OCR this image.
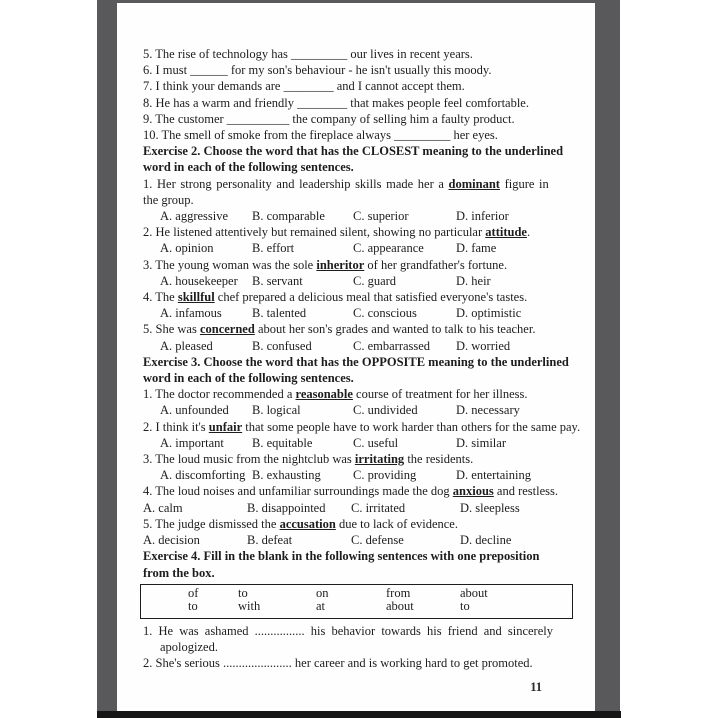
5. The rise of technology has _________ our lives in recent years.
6. I must ______ for my son's behaviour - he isn't usually this moody.
7. I think your demands are ________ and I cannot accept them.
8. He has a warm and friendly ________ that makes people feel comfortable.
9. The customer __________ the company of selling him a faulty product.
10. The smell of smoke from the fireplace always _________ her eyes.
Exercise 2. Choose the word that has the CLOSEST meaning to the underlined
word in each of the following sentences.
1. Her strong personality and leadership skills made her a dominant figure in
the group.
A. aggressive	B. comparable	C. superior	D. inferior
2. He listened attentively but remained silent, showing no particular attitude.
A. opinion	B. effort	C. appearance	D. fame
3. The young woman was the sole inheritor of her grandfather's fortune.
A. housekeeper	B. servant	C. guard	D. heir
4. The skillful chef prepared a delicious meal that satisfied everyone's tastes.
A. infamous	B. talented	C. conscious	D. optimistic
5. She was concerned about her son's grades and wanted to talk to his teacher.
A. pleased	B. confused	C. embarrassed	D. worried
Exercise 3. Choose the word that has the OPPOSITE meaning to the underlined
word in each of the following sentences.
1. The doctor recommended a reasonable course of treatment for her illness.
A. unfounded	B. logical	C. undivided	D. necessary
2. I think it's unfair that some people have to work harder than others for the same pay.
A. important	B. equitable	C. useful	D. similar
3. The loud music from the nightclub was irritating the residents.
A. discomforting B. exhausting	C. providing	D. entertaining
4. The loud noises and unfamiliar surroundings made the dog anxious and restless.
A. calm	B. disappointed	C. irritated	D. sleepless
5. The judge dismissed the accusation due to lack of evidence.
A. decision	B. defeat	C. defense	D. decline
Exercise 4. Fill in the blank in the following sentences with one preposition
from the box.
of	to	on	from	about
to	with	at	about	to
1. He was ashamed ................ his behavior towards his friend and sincerely
apologized.
2. She's serious ...................... her career and is working hard to get promoted.
11
